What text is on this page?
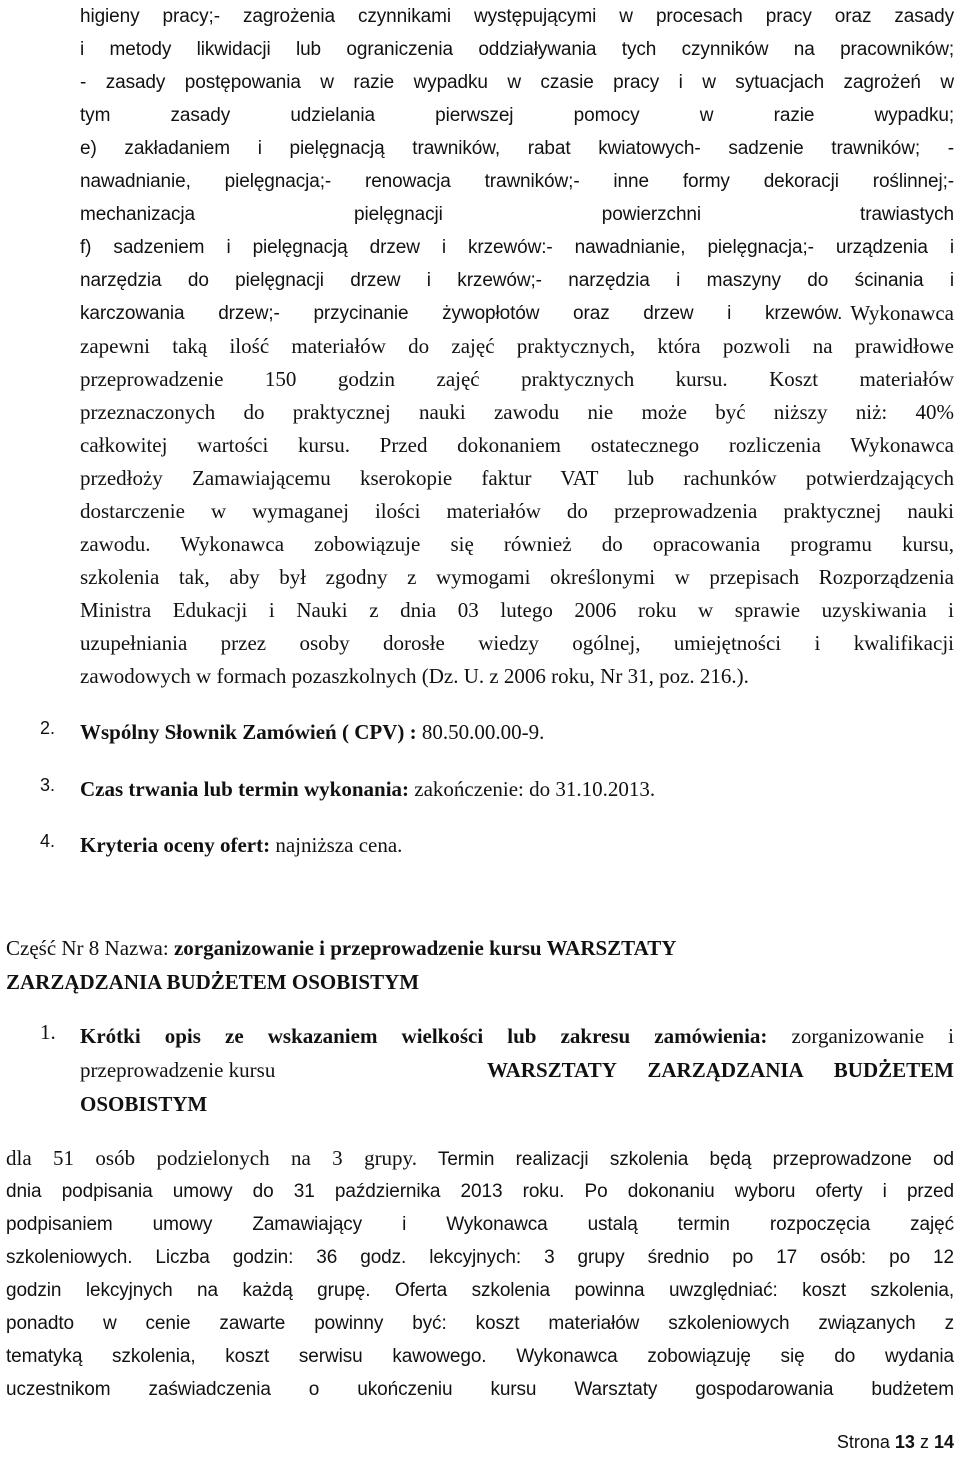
higieny pracy;- zagrożenia czynnikami występującymi w procesach pracy oraz zasady
i metody likwidacji lub ograniczenia oddziaływania tych czynników na pracowników;
- zasady postępowania w razie wypadku w czasie pracy i w sytuacjach zagrożeń w
tym zasady udzielania pierwszej pomocy w razie wypadku;
e) zakładaniem i pielęgnacją trawników, rabat kwiatowych- sadzenie trawników; -
nawadnianie, pielęgnacja;- renowacja trawników;- inne formy dekoracji roślinnej;-
mechanizacja pielęgnacji powierzchni trawiastych
f) sadzeniem i pielęgnacją drzew i krzewów:- nawadnianie, pielęgnacja;- urządzenia i
narzędzia do pielęgnacji drzew i krzewów;- narzędzia i maszyny do ścinania i
karczowania drzew;- przycinanie żywopłotów oraz drzew i krzewów. Wykonawca
zapewni taką ilość materiałów do zajęć praktycznych, która pozwoli na prawidłowe
przeprowadzenie 150 godzin zajęć praktycznych kursu. Koszt materiałów
przeznaczonych do praktycznej nauki zawodu nie może być niższy niż: 40%
całkowitej wartości kursu. Przed dokonaniem ostatecznego rozliczenia Wykonawca
przedłoży Zamawiającemu kserokopie faktur VAT lub rachunków potwierdzających
dostarczenie w wymaganej ilości materiałów do przeprowadzenia praktycznej nauki
zawodu. Wykonawca zobowiązuje się również do opracowania programu kursu,
szkolenia tak, aby był zgodny z wymogami określonymi w przepisach Rozporządzenia
Ministra Edukacji i Nauki z dnia 03 lutego 2006 roku w sprawie uzyskiwania i
uzupełniania przez osoby dorosłe wiedzy ogólnej, umiejętności i kwalifikacji
zawodowych w formach pozaszkolnych (Dz. U. z 2006 roku, Nr 31, poz. 216.).
2. Wspólny Słownik Zamówień ( CPV) : 80.50.00.00-9.
3. Czas trwania lub termin wykonania: zakończenie: do 31.10.2013.
4. Kryteria oceny ofert: najniższa cena.
Część Nr 8 Nazwa: zorganizowanie i przeprowadzenie kursu WARSZTATY
ZARZĄDZANIA BUDŻETEM OSOBISTYM
1. Krótki opis ze wskazaniem wielkości lub zakresu zamówienia: zorganizowanie i
przeprowadzenie kursu	WARSZTATY ZARZĄDZANIA BUDŻETEM
OSOBISTYM
dla 51 osób podzielonych na 3 grupy. Termin realizacji szkolenia będą przeprowadzone od
dnia podpisania umowy do 31 października 2013 roku. Po dokonaniu wyboru oferty i przed
podpisaniem umowy Zamawiający i Wykonawca ustalą termin rozpoczęcia zajęć
szkoleniowych. Liczba godzin: 36 godz. lekcyjnych: 3 grupy średnio po 17 osób: po 12
godzin lekcyjnych na każdą grupę. Oferta szkolenia powinna uwzględniać: koszt szkolenia,
ponadto w cenie zawarte powinny być: koszt materiałów szkoleniowych związanych z
tematyką szkolenia, koszt serwisu kawowego. Wykonawca zobowiązuję się do wydania
uczestnikom zaświadczenia o ukończeniu kursu Warsztaty gospodarowania budżetem
Strona 13 z 14
